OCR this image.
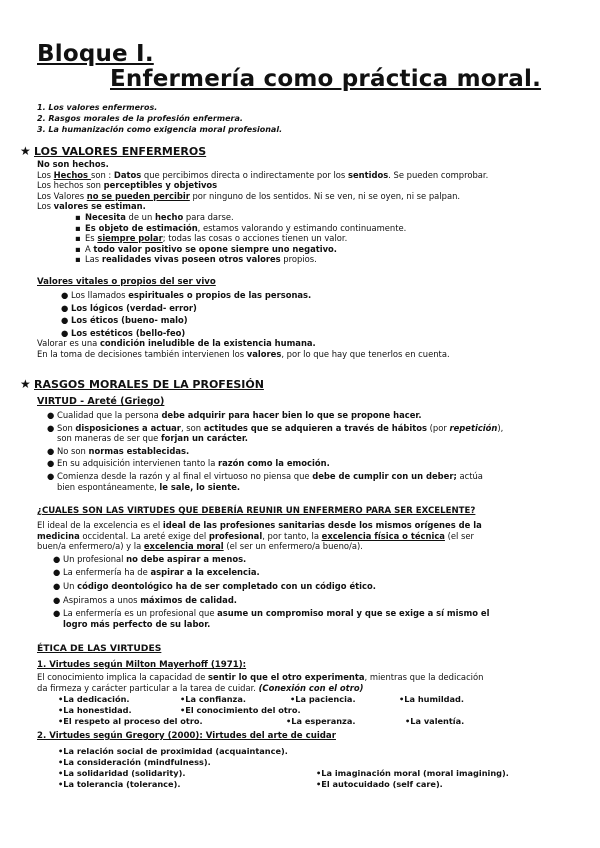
Bloque I.
Enfermería como práctica moral.
1. Los valores enfermeros.
2. Rasgos morales de la profesión enfermera.
3. La humanización como exigencia moral profesional.
★ LOS VALORES ENFERMEROS
No son hechos.
Los Hechos son : Datos que percibimos directa o indirectamente por los sentidos. Se pueden comprobar.
Los hechos son perceptibles y objetivos
Los Valores no se pueden percibir por ninguno de los sentidos. Ni se ven, ni se oyen, ni se palpan.
Los valores se estiman.
▪ Necesita de un hecho para darse.
▪ Es objeto de estimación, estamos valorando y estimando continuamente.
▪ Es siempre polar; todas las cosas o acciones tienen un valor.
▪ A todo valor positivo se opone siempre uno negativo.
▪ Las realidades vivas poseen otros valores propios.
Valores vitales o propios del ser vivo
● Los llamados espirituales o propios de las personas.
● Los lógicos (verdad- error)
● Los éticos (bueno- malo)
● Los estéticos (bello-feo)
Valorar es una condición ineludible de la existencia humana.
En la toma de decisiones también intervienen los valores, por lo que hay que tenerlos en cuenta.
★ RASGOS MORALES DE LA PROFESIÓN
VIRTUD - Areté (Griego)
● Cualidad que la persona debe adquirir para hacer bien lo que se propone hacer.
● Son disposiciones a actuar, son actitudes que se adquieren a través de hábitos (por repetición),
son maneras de ser que forjan un carácter.
● No son normas establecidas.
● En su adquisición intervienen tanto la razón como la emoción.
● Comienza desde la razón y al final el virtuoso no piensa que debe de cumplir con un deber; actúa
bien espontáneamente, le sale, lo siente.
¿CUALES SON LAS VIRTUDES QUE DEBERÍA REUNIR UN ENFERMERO PARA SER EXCELENTE?
El ideal de la excelencia es el ideal de las profesiones sanitarias desde los mismos orígenes de la
medicina occidental. La areté exige del profesional, por tanto, la excelencia física o técnica (el ser
buen/a enfermero/a) y la excelencia moral (el ser un enfermero/a bueno/a).
● Un profesional no debe aspirar a menos.
● La enfermería ha de aspirar a la excelencia.
● Un código deontológico ha de ser completado con un código ético.
● Aspiramos a unos máximos de calidad.
● La enfermería es un profesional que asume un compromiso moral y que se exige a sí mismo el
logro más perfecto de su labor.
ÉTICA DE LAS VIRTUDES
1. Virtudes según Milton Mayerhoff (1971):
El conocimiento implica la capacidad de sentir lo que el otro experimenta, mientras que la dedicación
da firmeza y carácter particular a la tarea de cuidar. (Conexión con el otro)
•La dedicación.	•La confianza.	•La paciencia.	•La humildad.
•La honestidad.	•El conocimiento del otro.
•El respeto al proceso del otro.	•La esperanza.	•La valentía.
2. Virtudes según Gregory (2000): Virtudes del arte de cuidar
•La relación social de proximidad (acquaintance).
•La consideración (mindfulness).
•La solidaridad (solidarity).	•La imaginación moral (moral imagining).
•La tolerancia (tolerance).	•El autocuidado (self care).
